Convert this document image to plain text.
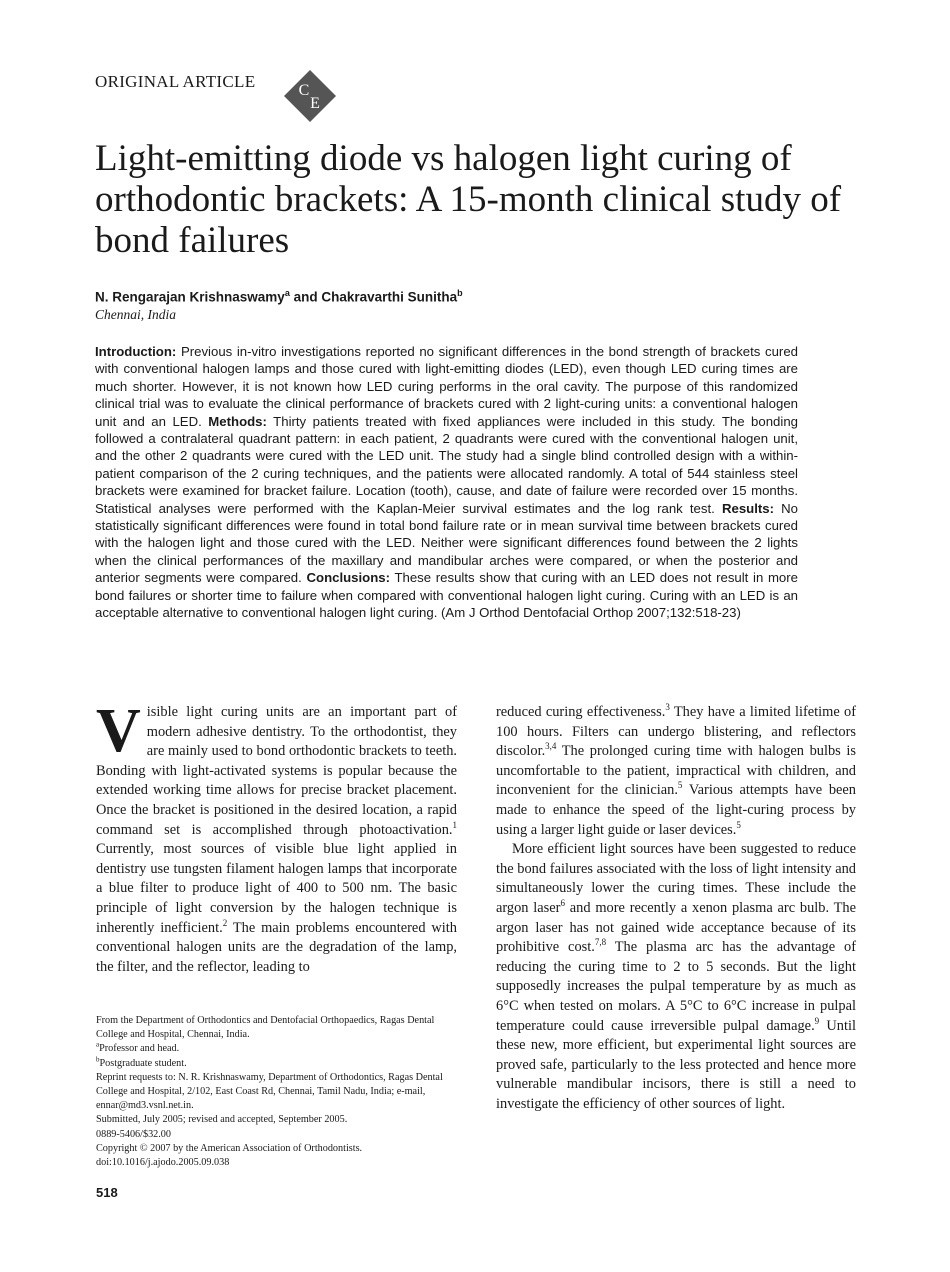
ORIGINAL ARTICLE	C
E
Light-emitting diode vs halogen light curing of orthodontic brackets: A 15-month clinical study of bond failures
N. Rengarajan Krishnaswamy$^a$ and Chakravarthi Sunitha$^b$
Chennai, India

Introduction: Previous in-vitro investigations reported no significant differences in the bond strength of brackets cured with conventional halogen lamps and those cured with light-emitting diodes (LED), even though LED curing times are much shorter. However, it is not known how LED curing performs in the oral cavity. The purpose of this randomized clinical trial was to evaluate the clinical performance of brackets cured with 2 light-curing units: a conventional halogen unit and an LED. Methods: Thirty patients treated with fixed appliances were included in this study. The bonding followed a contralateral quadrant pattern: in each patient, 2 quadrants were cured with the conventional halogen unit, and the other 2 quadrants were cured with the LED unit. The study had a single blind controlled design with a within-patient comparison of the 2 curing techniques, and the patients were allocated randomly. A total of 544 stainless steel brackets were examined for bracket failure. Location (tooth), cause, and date of failure were recorded over 15 months. Statistical analyses were performed with the Kaplan-Meier survival estimates and the log rank test. Results: No statistically significant differences were found in total bond failure rate or in mean survival time between brackets cured with the halogen light and those cured with the LED. Neither were significant differences found between the 2 lights when the clinical performances of the maxillary and mandibular arches were compared, or when the posterior and anterior segments were compared. Conclusions: These results show that curing with an LED does not result in more bond failures or shorter time to failure when compared with conventional halogen light curing. Curing with an LED is an acceptable alternative to conventional halogen light curing. (Am J Orthod Dentofacial Orthop 2007;132:518-23)

Visible light curing units are an important part of modern adhesive dentistry. To the orthodontist, they are mainly used to bond orthodontic brackets to teeth. Bonding with light-activated systems is popular because the extended working time allows for precise bracket placement. Once the bracket is positioned in the desired location, a rapid command set is accomplished through photoactivation.$^1$ Currently, most sources of visible blue light applied in dentistry use tungsten filament halogen lamps that incorporate a blue filter to produce light of 400 to 500 nm. The basic principle of light conversion by the halogen technique is inherently inefficient.$^2$ The main problems encountered with conventional halogen units are the degradation of the lamp, the filter, and the reflector, leading to

From the Department of Orthodontics and Dentofacial Orthopaedics, Ragas Dental College and Hospital, Chennai, India.

$^a$Professor and head.

$^b$Postgraduate student.

Reprint requests to: N. R. Krishnaswamy, Department of Orthodontics, Ragas Dental College and Hospital, 2/102, East Coast Rd, Chennai, Tamil Nadu, India; e-mail, ennar@md3.vsnl.net.in.

Submitted, July 2005; revised and accepted, September 2005.

0889-5406/$32.00

Copyright © 2007 by the American Association of Orthodontists.

doi:10.1016/j.ajodo.2005.09.038

reduced curing effectiveness.$^3$ They have a limited lifetime of 100 hours. Filters can undergo blistering, and reflectors discolor.$^{3,4}$ The prolonged curing time with halogen bulbs is uncomfortable to the patient, impractical with children, and inconvenient for the clinician.$^5$ Various attempts have been made to enhance the speed of the light-curing process by using a larger light guide or laser devices.$^5$

More efficient light sources have been suggested to reduce the bond failures associated with the loss of light intensity and simultaneously lower the curing times. These include the argon laser$^6$ and more recently a xenon plasma arc bulb. The argon laser has not gained wide acceptance because of its prohibitive cost.$^{7,8}$ The plasma arc has the advantage of reducing the curing time to 2 to 5 seconds. But the light supposedly increases the pulpal temperature by as much as 6°C when tested on molars. A 5°C to 6°C increase in pulpal temperature could cause irreversible pulpal damage.$^9$ Until these new, more efficient, but experimental light sources are proved safe, particularly to the less protected and hence more vulnerable mandibular incisors, there is still a need to investigate the efficiency of other sources of light.

518
